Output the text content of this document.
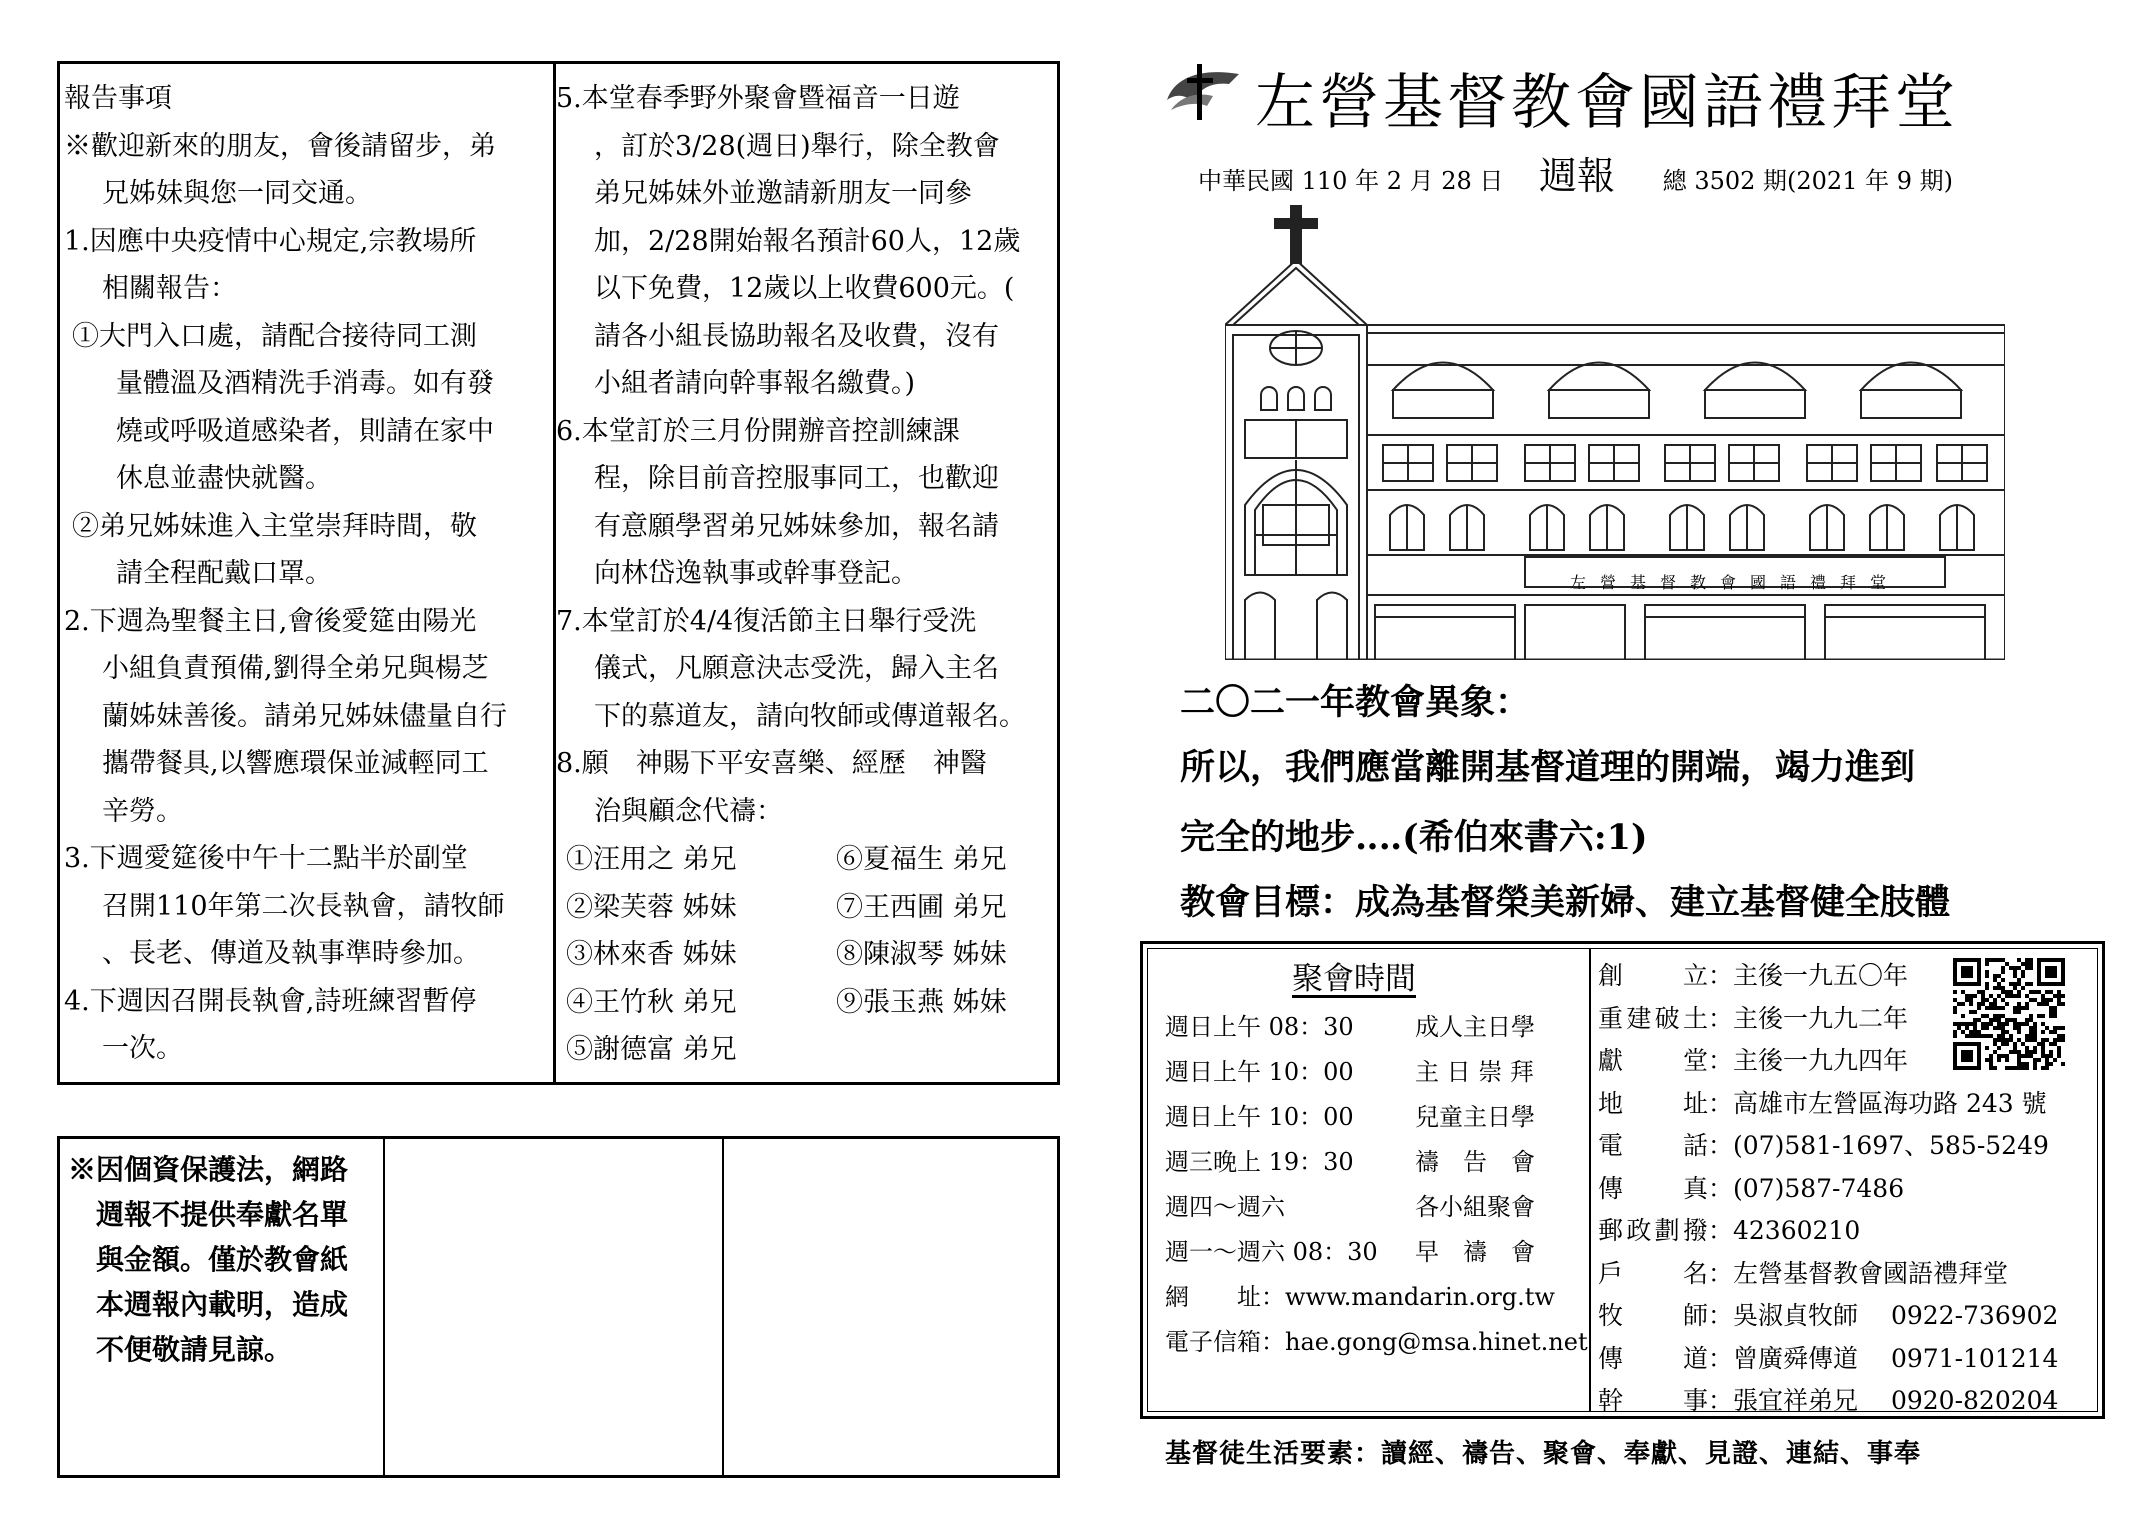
報告事項
※歡迎新來的朋友，會後請留步，弟
兄姊妹與您一同交通。
1.因應中央疫情中心規定,宗教場所
相關報告：
①大門入口處，請配合接待同工測
量體溫及酒精洗手消毒。如有發
燒或呼吸道感染者，則請在家中
休息並盡快就醫。
②弟兄姊妹進入主堂崇拜時間，敬
請全程配戴口罩。
2.下週為聖餐主日,會後愛筵由陽光
小組負責預備,劉得全弟兄與楊芝
蘭姊妹善後。請弟兄姊妹儘量自行
攜帶餐具,以響應環保並減輕同工
辛勞。
3.下週愛筵後中午十二點半於副堂
召開110年第二次長執會，請牧師
、長老、傳道及執事準時參加。
4.下週因召開長執會,詩班練習暫停
一次。
5.本堂春季野外聚會暨福音一日遊
，訂於3/28(週日)舉行，除全教會
弟兄姊妹外並邀請新朋友一同參
加，2/28開始報名預計60人，12歲
以下免費，12歲以上收費600元。(
請各小組長協助報名及收費，沒有
小組者請向幹事報名繳費。)
6.本堂訂於三月份開辦音控訓練課
程，除目前音控服事同工，也歡迎
有意願學習弟兄姊妹參加，報名請
向林岱逸執事或幹事登記。
7.本堂訂於4/4復活節主日舉行受洗
儀式，凡願意決志受洗，歸入主名
下的慕道友，請向牧師或傳道報名。
8.願　神賜下平安喜樂、經歷　神醫
治與顧念代禱：
①汪用之 弟兄	⑥夏福生 弟兄
②梁芙蓉 姊妹	⑦王西圃 弟兄
③林來香 姊妹	⑧陳淑琴 姊妹
④王竹秋 弟兄	⑨張玉燕 姊妹
⑤謝德富 弟兄
※因個資保護法，網路
　週報不提供奉獻名單
　與金額。僅於教會紙
　本週報內載明，造成
　不便敬請見諒。
左營基督教會國語禮拜堂
中華民國 110 年 2 月 28 日 週報 總 3502 期(2021 年 9 期)
左營基督教會國語禮拜堂
二〇二一年教會異象：
所以，我們應當離開基督道理的開端，竭力進到
完全的地步‥‥(希伯來書六:1)
教會目標：成為基督榮美新婦、建立基督健全肢體
聚會時間
週日上午 08：30	成人主日學
週日上午 10：00	主 日 崇 拜
週日上午 10：00	兒童主日學
週三晚上 19：30	禱　告　會
週四～週六	各小組聚會
週一～週六 08：30	早　禱　會
網　　址：www.mandarin.org.tw
電子信箱：hae.gong@msa.hinet.net
創立：主後一九五〇年
重建破土：主後一九九二年
獻堂：主後一九九四年
地址：高雄市左營區海功路 243 號
電話：(07)581-1697、585-5249
傳真：(07)587-7486
郵政劃撥：42360210
戶名：左營基督教會國語禮拜堂
牧師：吳淑貞牧師　 0922-736902
傳道：曾廣舜傳道　 0971-101214
幹事：張宜祥弟兄　 0920-820204
基督徒生活要素：讀經、禱告、聚會、奉獻、見證、連結、事奉
